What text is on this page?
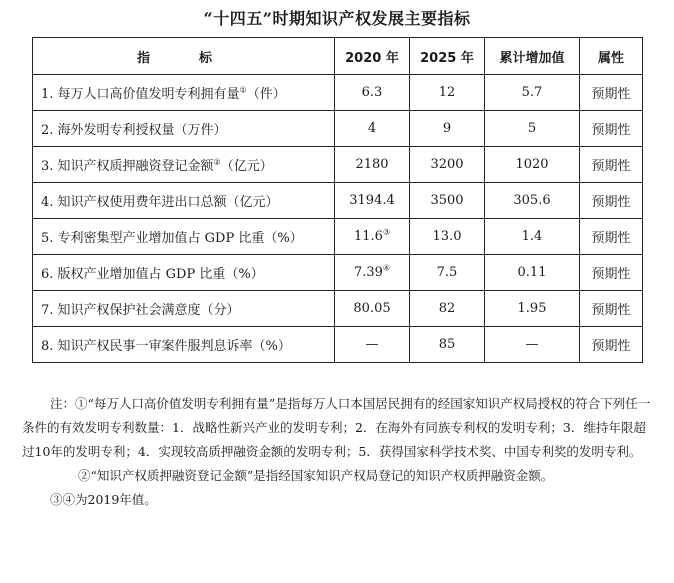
“十四五”时期知识产权发展主要指标
指　标	2020 年	2025 年	累计增加值	属性
1. 每万人口高价值发明专利拥有量①（件）	6.3	12	5.7	预期性
2. 海外发明专利授权量（万件）	4	9	5	预期性
3. 知识产权质押融资登记金额②（亿元）	2180	3200	1020	预期性
4. 知识产权使用费年进出口总额（亿元）	3194.4	3500	305.6	预期性
5. 专利密集型产业增加值占 GDP 比重（%）	11.6③	13.0	1.4	预期性
6. 版权产业增加值占 GDP 比重（%）	7.39④	7.5	0.11	预期性
7. 知识产权保护社会满意度（分）	80.05	82	1.95	预期性
8. 知识产权民事一审案件服判息诉率（%）	—	85	—	预期性

注：①“每万人口高价值发明专利拥有量”是指每万人口本国居民拥有的经国家知识产权局授权的符合下列任一条件的有效发明专利数量：1．战略性新兴产业的发明专利；2．在海外有同族专利权的发明专利；3．维持年限超过10年的发明专利；4．实现较高质押融资金额的发明专利；5．获得国家科学技术奖、中国专利奖的发明专利。

②“知识产权质押融资登记金额”是指经国家知识产权局登记的知识产权质押融资金额。

③④为2019年值。
